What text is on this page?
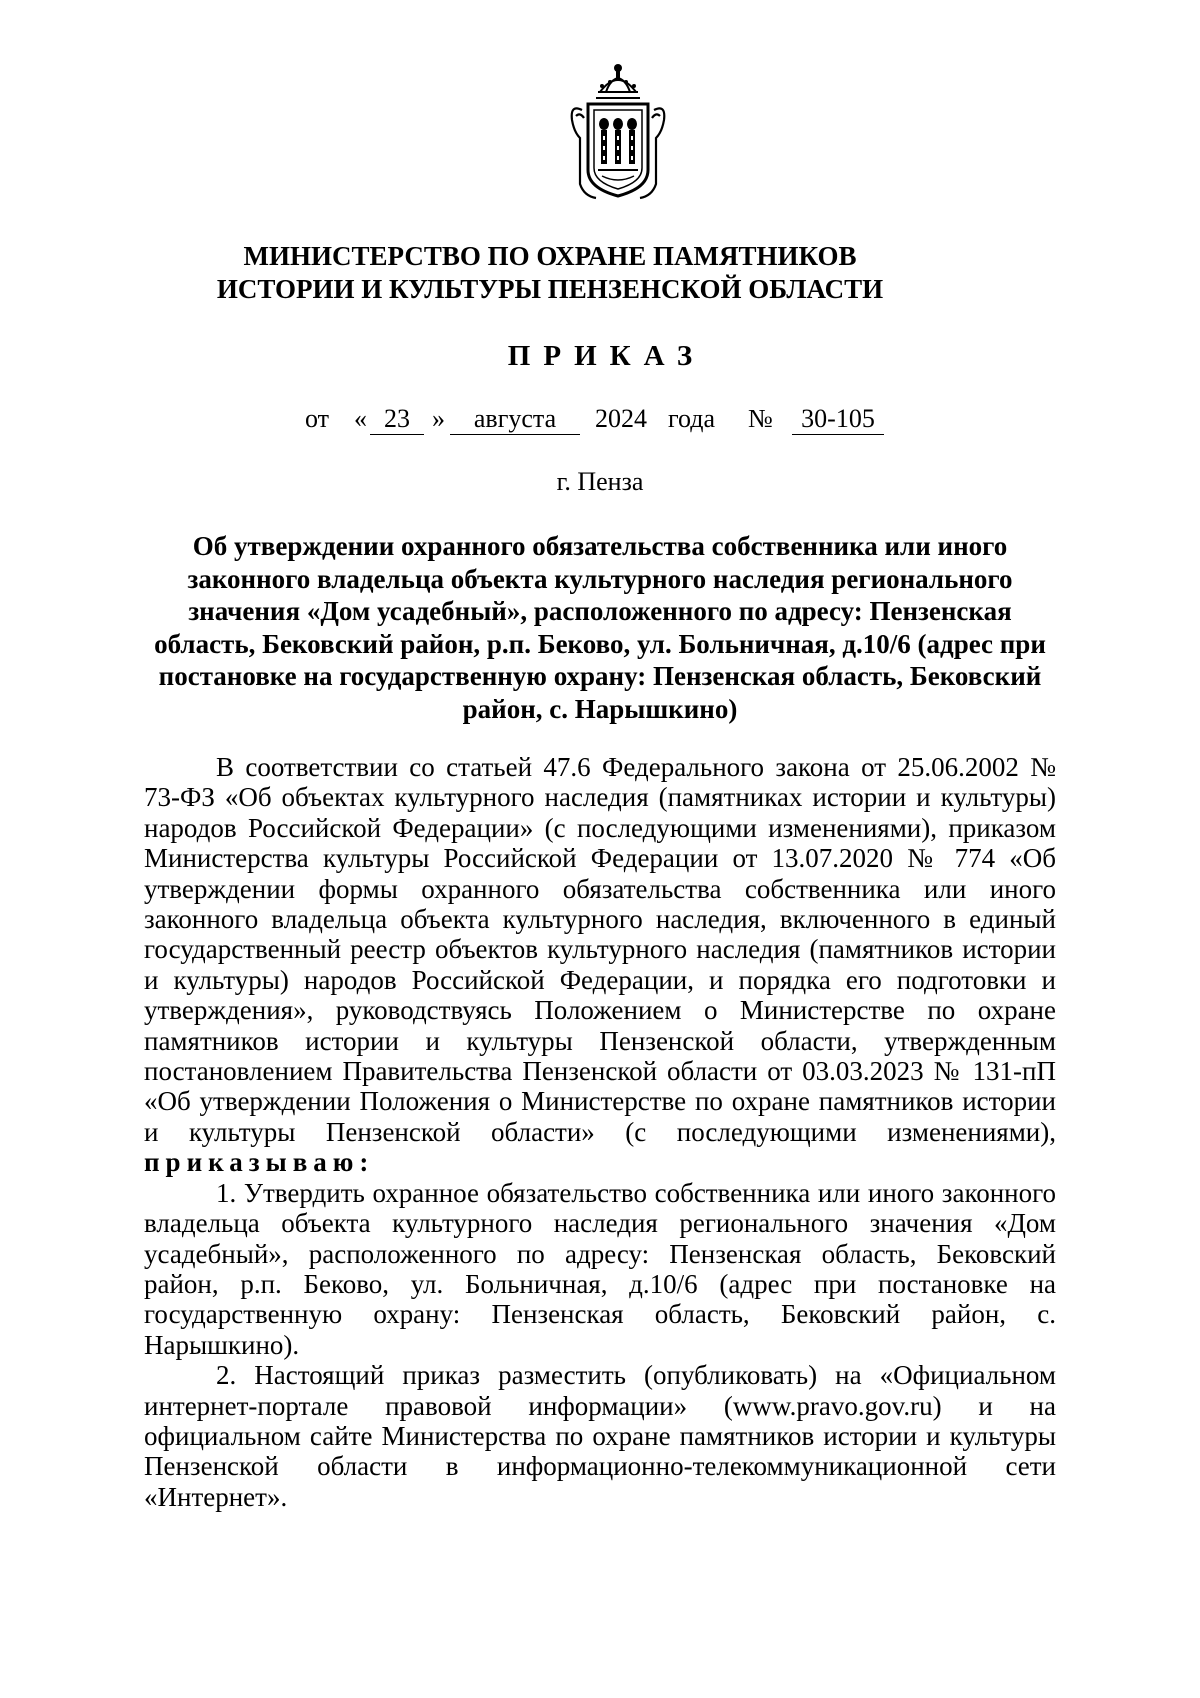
МИНИСТЕРСТВО ПО ОХРАНЕ ПАМЯТНИКОВ
ИСТОРИИ И КУЛЬТУРЫ ПЕНЗЕНСКОЙ ОБЛАСТИ
ПРИКАЗ
от « 23 »	августа	2024 года №	30-105
г. Пенза
Об утверждении охранного обязательства собственника или иного законного владельца объекта культурного наследия регионального значения «Дом усадебный», расположенного по адресу: Пензенская область, Бековский район, р.п. Беково, ул. Больничная, д.10/6 (адрес при постановке на государственную охрану: Пензенская область, Бековский район, с. Нарышкино)

В соответствии со статьей 47.6 Федерального закона от 25.06.2002 № 73-ФЗ «Об объектах культурного наследия (памятниках истории и культуры) народов Российской Федерации» (с последующими изменениями), приказом Министерства культуры Российской Федерации от 13.07.2020 № 774 «Об утверждении формы охранного обязательства собственника или иного законного владельца объекта культурного наследия, включенного в единый государственный реестр объектов культурного наследия (памятников истории и культуры) народов Российской Федерации, и порядка его подготовки и утверждения», руководствуясь Положением о Министерстве по охране памятников истории и культуры Пензенской области, утвержденным постановлением Правительства Пензенской области от 03.03.2023 № 131-пП «Об утверждении Положения о Министерстве по охране памятников истории и культуры Пензенской области» (с последующими изменениями), приказываю:

1. Утвердить охранное обязательство собственника или иного законного владельца объекта культурного наследия регионального значения «Дом усадебный», расположенного по адресу: Пензенская область, Бековский район, р.п. Беково, ул. Больничная, д.10/6 (адрес при постановке на государственную охрану: Пензенская область, Бековский район, с. Нарышкино).

2. Настоящий приказ разместить (опубликовать) на «Официальном интернет-портале правовой информации» (www.pravo.gov.ru) и на официальном сайте Министерства по охране памятников истории и культуры Пензенской области в информационно-телекоммуникационной сети «Интернет».
